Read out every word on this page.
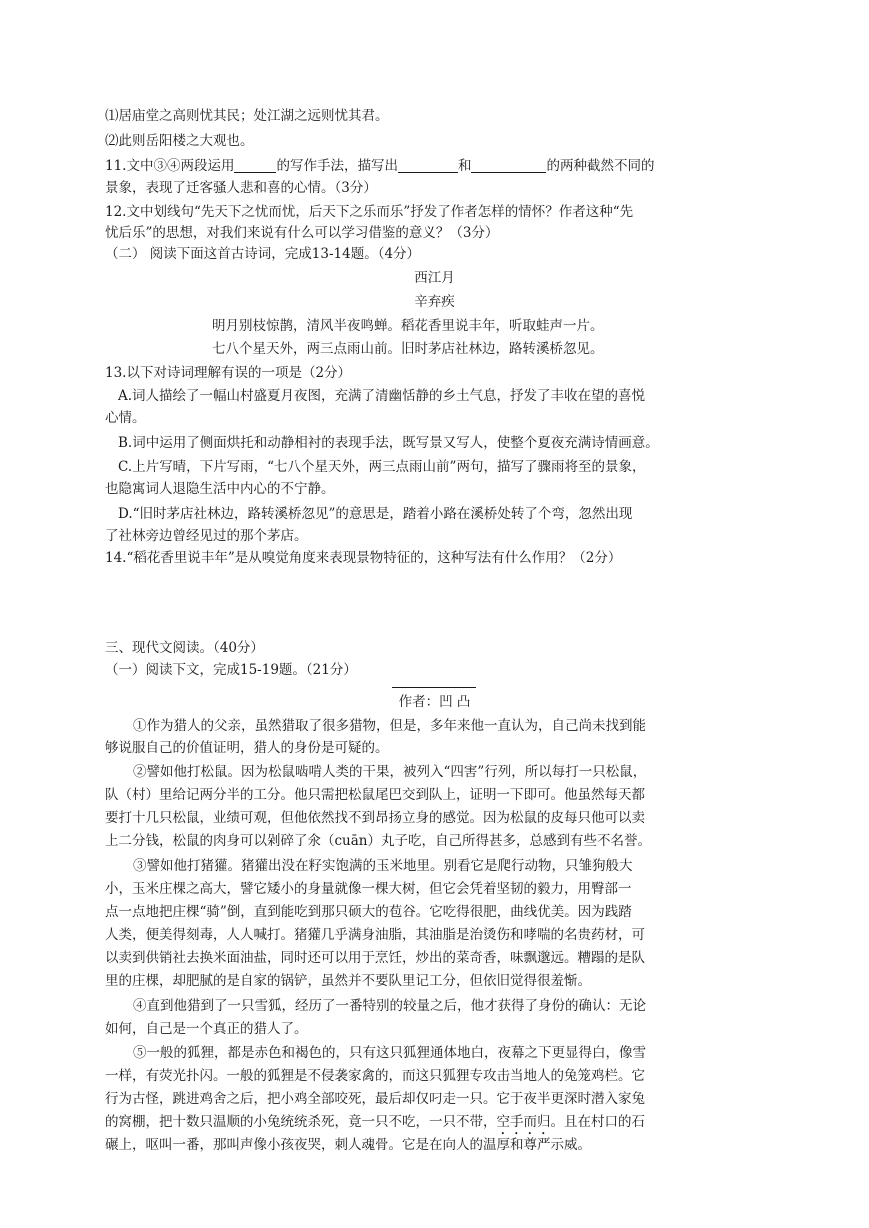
⑴居庙堂之高则忧其民；处江湖之远则忧其君。
⑵此则岳阳楼之大观也。
11.文中③④两段运用	的写作手法，描写出	和	的两种截然不同的
景象，表现了迁客骚人悲和喜的心情。（3分）
12.文中划线句“先天下之忧而忧，后天下之乐而乐”抒发了作者怎样的情怀？作者这种“先
忧后乐”的思想，对我们来说有什么可以学习借鉴的意义？（3分）
（二） 阅读下面这首古诗词，完成13-14题。（4分）
西江月
辛弃疾
明月别枝惊鹊，清风半夜鸣蝉。稻花香里说丰年，听取蛙声一片。
七八个星天外，两三点雨山前。旧时茅店社林边，路转溪桥忽见。
13.以下对诗词理解有误的一项是（2分）
A.词人描绘了一幅山村盛夏月夜图，充满了清幽恬静的乡土气息，抒发了丰收在望的喜悦
心情。
B.词中运用了侧面烘托和动静相衬的表现手法，既写景又写人，使整个夏夜充满诗情画意。
C.上片写晴，下片写雨，“七八个星天外，两三点雨山前”两句，描写了骤雨将至的景象，
也隐寓词人退隐生活中内心的不宁静。
D.“旧时茅店社林边，路转溪桥忽见”的意思是，踏着小路在溪桥处转了个弯，忽然出现
了社林旁边曾经见过的那个茅店。
14.“稻花香里说丰年”是从嗅觉角度来表现景物特征的，这种写法有什么作用？（2分）
三、现代文阅读。（40分）
（一）阅读下文，完成15-19题。（21分）
作者：凹 凸
①作为猎人的父亲，虽然猎取了很多猎物，但是，多年来他一直认为，自己尚未找到能
够说服自己的价值证明，猎人的身份是可疑的。
②譬如他打松鼠。因为松鼠啮啃人类的干果，被列入“四害”行列，所以每打一只松鼠，
队（村）里给记两分半的工分。他只需把松鼠尾巴交到队上，证明一下即可。他虽然每天都
要打十几只松鼠，业绩可观，但他依然找不到昂扬立身的感觉。因为松鼠的皮每只他可以卖
上二分钱，松鼠的肉身可以剁碎了氽（cuān）丸子吃，自己所得甚多，总感到有些不名誉。
③譬如他打猪獾。猪獾出没在籽实饱满的玉米地里。别看它是爬行动物，只雏狗般大
小，玉米庄棵之高大，譬它矮小的身量就像一棵大树，但它会凭着坚韧的毅力，用臀部一
点一点地把庄棵“骑”倒，直到能吃到那只硕大的苞谷。它吃得很肥，曲线优美。因为践踏
人类，便美得刻毒，人人喊打。猪獾几乎满身油脂，其油脂是治烫伤和哮喘的名贵药材，可
以卖到供销社去换米面油盐，同时还可以用于烹饪，炒出的菜奇香，味飘邈远。糟蹋的是队
里的庄棵，却肥腻的是自家的锅铲，虽然并不要队里记工分，但依旧觉得很羞惭。
④直到他猎到了一只雪狐，经历了一番特别的较量之后，他才获得了身份的确认：无论
如何，自己是一个真正的猎人了。
⑤一般的狐狸，都是赤色和褐色的，只有这只狐狸通体地白，夜幕之下更显得白，像雪
一样，有荧光扑闪。一般的狐狸是不侵袭家禽的，而这只狐狸专攻击当地人的兔笼鸡栏。它
行为古怪，跳进鸡舍之后，把小鸡全部咬死，最后却仅叼走一只。它于夜半更深时潜入家兔
的窝棚，把十数只温顺的小兔统统杀死，竟一只不吃，一只不带，空手而归。且在村口的石
碾上，呕叫一番，那叫声像小孩夜哭，刺人魂骨。它是在向人的温厚和尊严示威。
